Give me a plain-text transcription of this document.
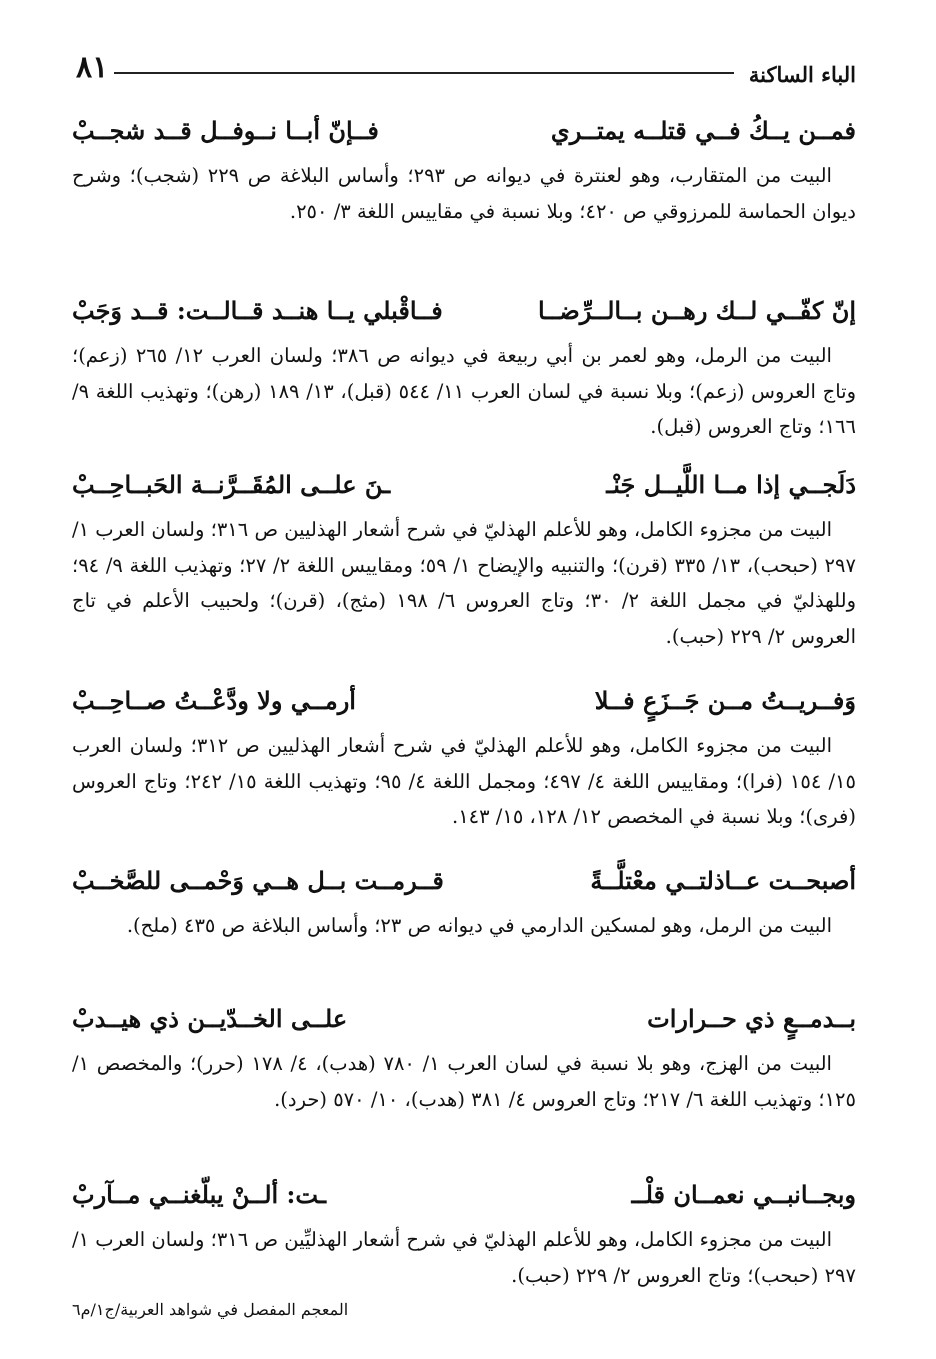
الباء الساكنة
٨١
فمــن يــكُ فــي قتلــه يمتــري
فــإنّ أبــا نــوفــل قــد شجــبْ

البيت من المتقارب، وهو لعنترة في ديوانه ص ٢٩٣؛ وأساس البلاغة ص ٢٢٩ (شجب)؛ وشرح ديوان الحماسة للمرزوقي ص ٤٢٠؛ وبلا نسبة في مقاييس اللغة ٣/ ٢٥٠.

إنّ كفّــي لــك رهــن بــالــرِّضــا
فــاقْبلي يــا هنــد قــالــت: قــد وَجَبْ

البيت من الرمل، وهو لعمر بن أبي ربيعة في ديوانه ص ٣٨٦؛ ولسان العرب ١٢/ ٢٦٥ (زعم)؛ وتاج العروس (زعم)؛ وبلا نسبة في لسان العرب ١١/ ٥٤٤ (قبل)، ١٣/ ١٨٩ (رهن)؛ وتهذيب اللغة ٩/ ١٦٦؛ وتاج العروس (قبل).

دَلَجــي إذا مــا اللَّيــل جَنْـ
ـنَ علــى المُقَــرَّنــة الحَبــاحِــبْ

البيت من مجزوء الكامل، وهو للأعلم الهذليّ في شرح أشعار الهذليين ص ٣١٦؛ ولسان العرب ١/ ٢٩٧ (حبحب)، ١٣/ ٣٣٥ (قرن)؛ والتنبيه والإيضاح ١/ ٥٩؛ ومقاييس اللغة ٢/ ٢٧؛ وتهذيب اللغة ٩/ ٩٤؛ وللهذليّ في مجمل اللغة ٢/ ٣٠؛ وتاج العروس ٦/ ١٩٨ (مثج)، (قرن)؛ ولحبيب الأعلم في تاج العروس ٢/ ٢٢٩ (حبب).

وَفــريــتُ مــن جَــزَعٍ فــلا
أرمــي ولا ودَّعْــتُ صــاحِــبْ

البيت من مجزوء الكامل، وهو للأعلم الهذليّ في شرح أشعار الهذليين ص ٣١٢؛ ولسان العرب ١٥/ ١٥٤ (فرا)؛ ومقاييس اللغة ٤/ ٤٩٧؛ ومجمل اللغة ٤/ ٩٥؛ وتهذيب اللغة ١٥/ ٢٤٢؛ وتاج العروس (فرى)؛ وبلا نسبة في المخصص ١٢/ ١٢٨، ١٥/ ١٤٣.

أصبحــت عــاذلتــي معْتلَّــةً
قــرمــت بــل هــي وَحْمــى للصَّخــبْ

البيت من الرمل، وهو لمسكين الدارمي في ديوانه ص ٢٣؛ وأساس البلاغة ص ٤٣٥ (ملح).

بــدمــعٍ ذي حــرارات
علــى الخــدّيــن ذي هيــدبْ

البيت من الهزج، وهو بلا نسبة في لسان العرب ١/ ٧٨٠ (هدب)، ٤/ ١٧٨ (حرر)؛ والمخصص ١/ ١٢٥؛ وتهذيب اللغة ٦/ ٢١٧؛ وتاج العروس ٤/ ٣٨١ (هدب)، ١٠/ ٥٧٠ (حرد).

وبجــانبــي نعمــان قلْــ
ـت: ألــنْ يبلّغنــي مــآربْ

البيت من مجزوء الكامل، وهو للأعلم الهذليّ في شرح أشعار الهذليِّين ص ٣١٦؛ ولسان العرب ١/ ٢٩٧ (حبحب)؛ وتاج العروس ٢/ ٢٢٩ (حبب).

المعجم المفصل في شواهد العربية/ج١/م٦
